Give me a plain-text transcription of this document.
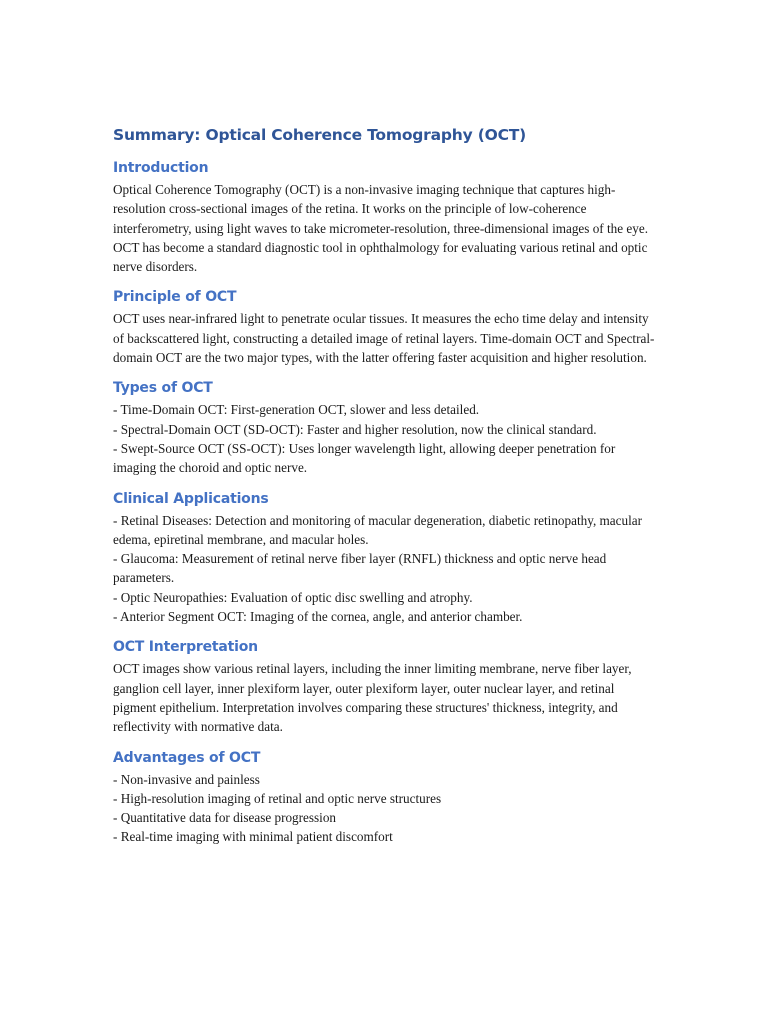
Summary: Optical Coherence Tomography (OCT)
Introduction

Optical Coherence Tomography (OCT) is a non-invasive imaging technique that captures high-resolution cross-sectional images of the retina. It works on the principle of low-coherence interferometry, using light waves to take micrometer-resolution, three-dimensional images of the eye. OCT has become a standard diagnostic tool in ophthalmology for evaluating various retinal and optic nerve disorders.

Principle of OCT

OCT uses near-infrared light to penetrate ocular tissues. It measures the echo time delay and intensity of backscattered light, constructing a detailed image of retinal layers. Time-domain OCT and Spectral-domain OCT are the two major types, with the latter offering faster acquisition and higher resolution.

Types of OCT
- Time-Domain OCT: First-generation OCT, slower and less detailed.
- Spectral-Domain OCT (SD-OCT): Faster and higher resolution, now the clinical standard.
- Swept-Source OCT (SS-OCT): Uses longer wavelength light, allowing deeper penetration for imaging the choroid and optic nerve.
Clinical Applications
- Retinal Diseases: Detection and monitoring of macular degeneration, diabetic retinopathy, macular edema, epiretinal membrane, and macular holes.
- Glaucoma: Measurement of retinal nerve fiber layer (RNFL) thickness and optic nerve head parameters.
- Optic Neuropathies: Evaluation of optic disc swelling and atrophy.
- Anterior Segment OCT: Imaging of the cornea, angle, and anterior chamber.
OCT Interpretation

OCT images show various retinal layers, including the inner limiting membrane, nerve fiber layer, ganglion cell layer, inner plexiform layer, outer plexiform layer, outer nuclear layer, and retinal pigment epithelium. Interpretation involves comparing these structures' thickness, integrity, and reflectivity with normative data.

Advantages of OCT
- Non-invasive and painless
- High-resolution imaging of retinal and optic nerve structures
- Quantitative data for disease progression
- Real-time imaging with minimal patient discomfort
